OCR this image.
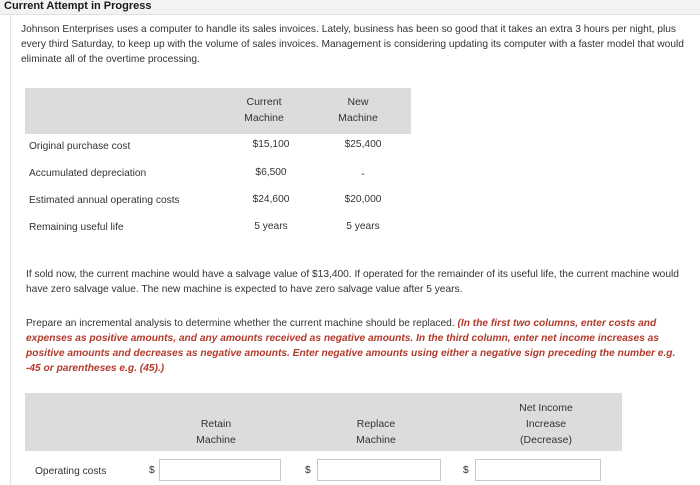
Current Attempt in Progress
Johnson Enterprises uses a computer to handle its sales invoices. Lately, business has been so good that it takes an extra 3 hours per night, plus every third Saturday, to keep up with the volume of sales invoices. Management is considering updating its computer with a faster model that would eliminate all of the overtime processing.
Current
Machine
New
Machine
Original purchase cost	$15,100	$25,400
Accumulated depreciation	$6,500	-
Estimated annual operating costs	$24,600	$20,000
Remaining useful life	5 years	5 years
If sold now, the current machine would have a salvage value of $13,400. If operated for the remainder of its useful life, the current machine would have zero salvage value. The new machine is expected to have zero salvage value after 5 years.
Prepare an incremental analysis to determine whether the current machine should be replaced. (In the first two columns, enter costs and expenses as positive amounts, and any amounts received as negative amounts. In the third column, enter net income increases as positive amounts and decreases as negative amounts. Enter negative amounts using either a negative sign preceding the number e.g. -45 or parentheses e.g. (45).)
Retain
Machine
Replace
Machine
Net Income
Increase
(Decrease)
Operating costs	$	$	$
